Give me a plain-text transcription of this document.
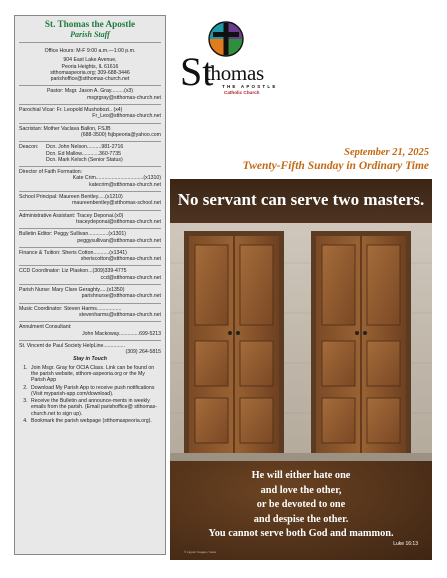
St. Thomas the Apostle
Parish Staff
Office Hours: M-F 9:00 a.m.—1:00 p.m.
904 East Lake Avenue,
Peoria Heights, IL 61616
stthomaspeoria.org; 309-688-3446
parishoffice@stthomas-church.net
Pastor: Msgr. Jason A. Gray.........(x3)
msgrgray@stthomas-church.net
Parochial Vicar: Fr. Leopold Mushobozi.. (x4)
Fr_Leo@stthomas-church.net
Sacristan: Mother Vaclava Ballon, FSJB
(688-3500) fsjbpeoria@yahoo.com
Deacon:	Dcn. John Nelson..........981-2716
Dcn. Ed Mallow............360-7735
Dcn. Mark Kelsch (Senior Status)
Director of Faith Formation:
Kate Crim.................................(x1310)
katecrim@stthomas-church.net
School Principal: Maureen Bentley.....(x1210)
maureenbentley@stthomas-school.net
Administrative Assistant: Tracey Deponai.(x0)
traceydeponai@stthomas-church.net
Bulletin Editor: Peggy Sullivan..............(x1301)
peggysullivan@stthomas-church.net
Finance & Tuition: Sheris Cotton...........(x1341)
sheriscotton@stthomas-church.net
CCD Coordinator: Liz Plaskon...(309)339-4775
ccd@stthomas-church.net
Parish Nurse: Mary Clare Geraghty.....(x1350)
parishnurse@stthomas-church.net
Music Coordinator: Steven Harms.................
stevenharms@stthomas-church.net
Annulment Consultant:
John Mackoway..............699-5213
St. Vincent de Paul Society HelpLine...............
(309) 264-5815
Stay in Touch
1. Join Msgr. Gray for OCIA Class. Link can be found on the parish website, stthom-aspeoria.org or the My Parish App
2. Download My Parish App to receive push notifications (Visit myparish-app.com/download).
3. Receive the Bulletin and announce-ments in weekly emails from the parish. (Email parishoffice@ stthomas-church.net to sign up).
4. Bookmark the parish webpage (stthomaspeoria.org).
St
thomas
THE APOSTLE
Catholic Church
September 21, 2025
Twenty-Fifth Sunday in Ordinary Time
No servant can serve two masters.
He will either hate one
and love the other,
or be devoted to one
and despise the other.
You cannot serve both God and mammon.
Luke 16:13
© Liguori Images / Hess
